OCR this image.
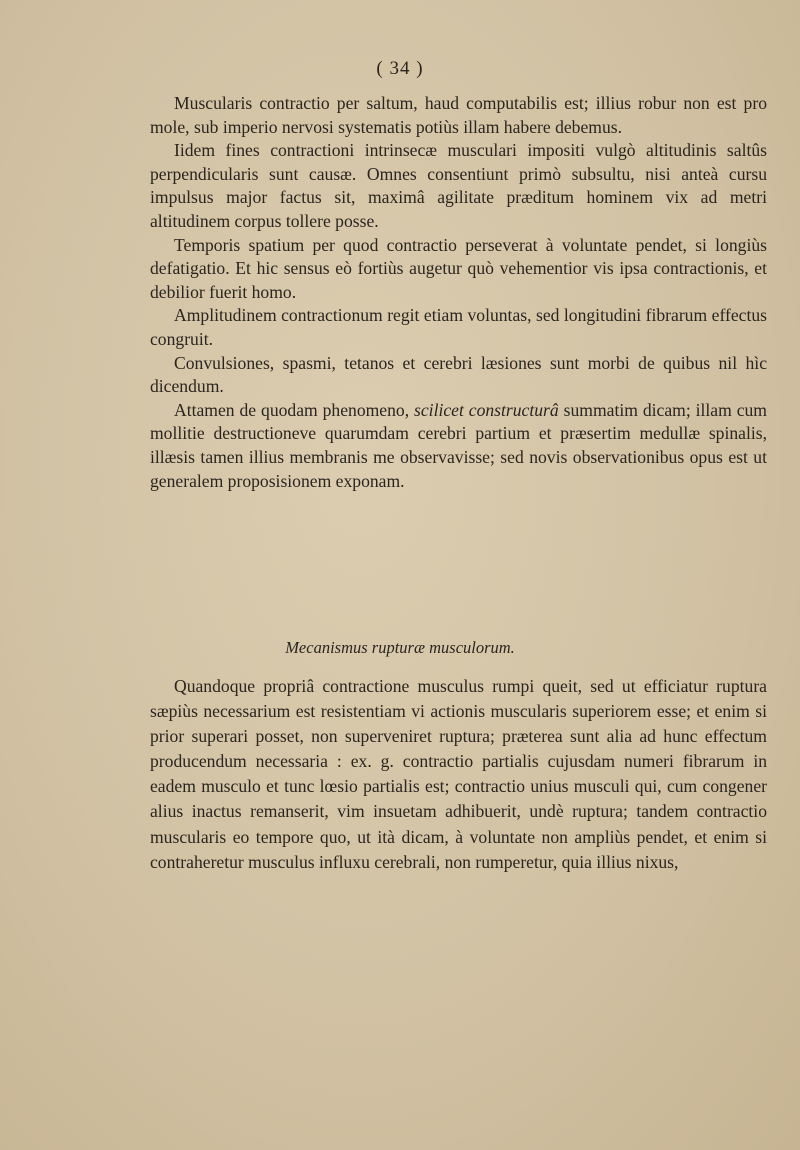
( 34 )

Muscularis contractio per saltum, haud computabilis est; illius robur non est pro mole, sub imperio nervosi systematis potiùs illam habere debemus.

Iidem fines contractioni intrinsecæ musculari impositi vulgò altitudinis saltûs perpendicularis sunt causæ. Omnes consentiunt primò subsultu, nisi anteà cursu impulsus major factus sit, maximâ agilitate præditum hominem vix ad metri altitudinem corpus tollere posse.

Temporis spatium per quod contractio perseverat à voluntate pendet, si longiùs defatigatio. Et hic sensus eò fortiùs augetur quò vehementior vis ipsa contractionis, et debilior fuerit homo.

Amplitudinem contractionum regit etiam voluntas, sed longitudini fibrarum effectus congruit.

Convulsiones, spasmi, tetanos et cerebri læsiones sunt morbi de quibus nil hìc dicendum.

Attamen de quodam phenomeno, scilicet constructurâ summatim dicam; illam cum mollitie destructioneve quarumdam cerebri partium et præsertim medullæ spinalis, illæsis tamen illius membranis me observavisse; sed novis observationibus opus est ut generalem proposisionem exponam.

Mecanismus rupturæ musculorum.

Quandoque propriâ contractione musculus rumpi queit, sed ut efficiatur ruptura sæpiùs necessarium est resistentiam vi actionis muscularis superiorem esse; et enim si prior superari posset, non superveniret ruptura; præterea sunt alia ad hunc effectum producendum necessaria : ex. g. contractio partialis cujusdam numeri fibrarum in eadem musculo et tunc lœsio partialis est; contractio unius musculi qui, cum congener alius inactus remanserit, vim insuetam adhibuerit, undè ruptura; tandem contractio muscularis eo tempore quo, ut ità dicam, à voluntate non ampliùs pendet, et enim si contraheretur musculus influxu cerebrali, non rumperetur, quia illius nixus,
